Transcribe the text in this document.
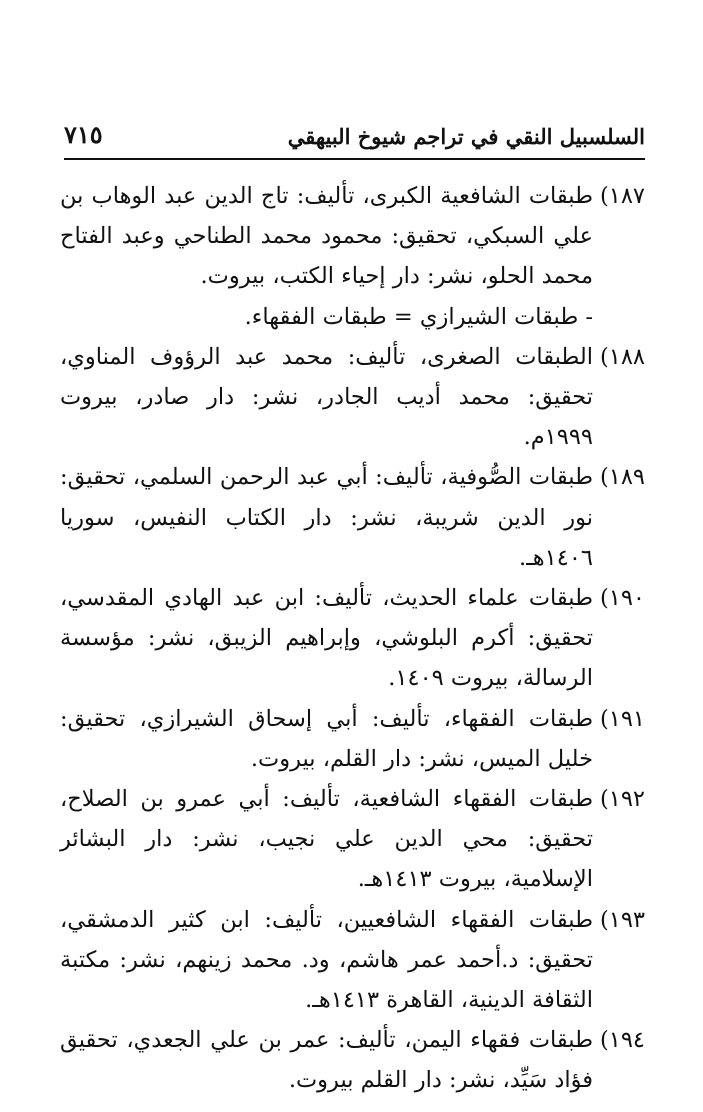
السلسبيل النقي في تراجم شيوخ البيهقي
٧١٥
١٨٧)
طبقات الشافعية الكبرى، تأليف: تاج الدين عبد الوهاب بن علي السبكي، تحقيق: محمود محمد الطناحي وعبد الفتاح محمد الحلو، نشر: دار إحياء الكتب، بيروت.
- طبقات الشيرازي = طبقات الفقهاء.
١٨٨)
الطبقات الصغرى، تأليف: محمد عبد الرؤوف المناوي، تحقيق: محمد أديب الجادر، نشر: دار صادر، بيروت ١٩٩٩م.
١٨٩)
طبقات الصُّوفية، تأليف: أبي عبد الرحمن السلمي، تحقيق: نور الدين شريبة، نشر: دار الكتاب النفيس، سوريا ١٤٠٦هـ.
١٩٠)
طبقات علماء الحديث، تأليف: ابن عبد الهادي المقدسي، تحقيق: أكرم البلوشي، وإبراهيم الزيبق، نشر: مؤسسة الرسالة، بيروت ١٤٠٩.
١٩١)
طبقات الفقهاء، تأليف: أبي إسحاق الشيرازي، تحقيق: خليل الميس، نشر: دار القلم، بيروت.
١٩٢)
طبقات الفقهاء الشافعية، تأليف: أبي عمرو بن الصلاح، تحقيق: محي الدين علي نجيب، نشر: دار البشائر الإسلامية، بيروت ١٤١٣هـ.
١٩٣)
طبقات الفقهاء الشافعيين، تأليف: ابن كثير الدمشقي، تحقيق: د.أحمد عمر هاشم، ود. محمد زينهم، نشر: مكتبة الثقافة الدينية، القاهرة ١٤١٣هـ.
١٩٤)
طبقات فقهاء اليمن، تأليف: عمر بن علي الجعدي، تحقيق فؤاد سَيِّد، نشر: دار القلم بيروت.
